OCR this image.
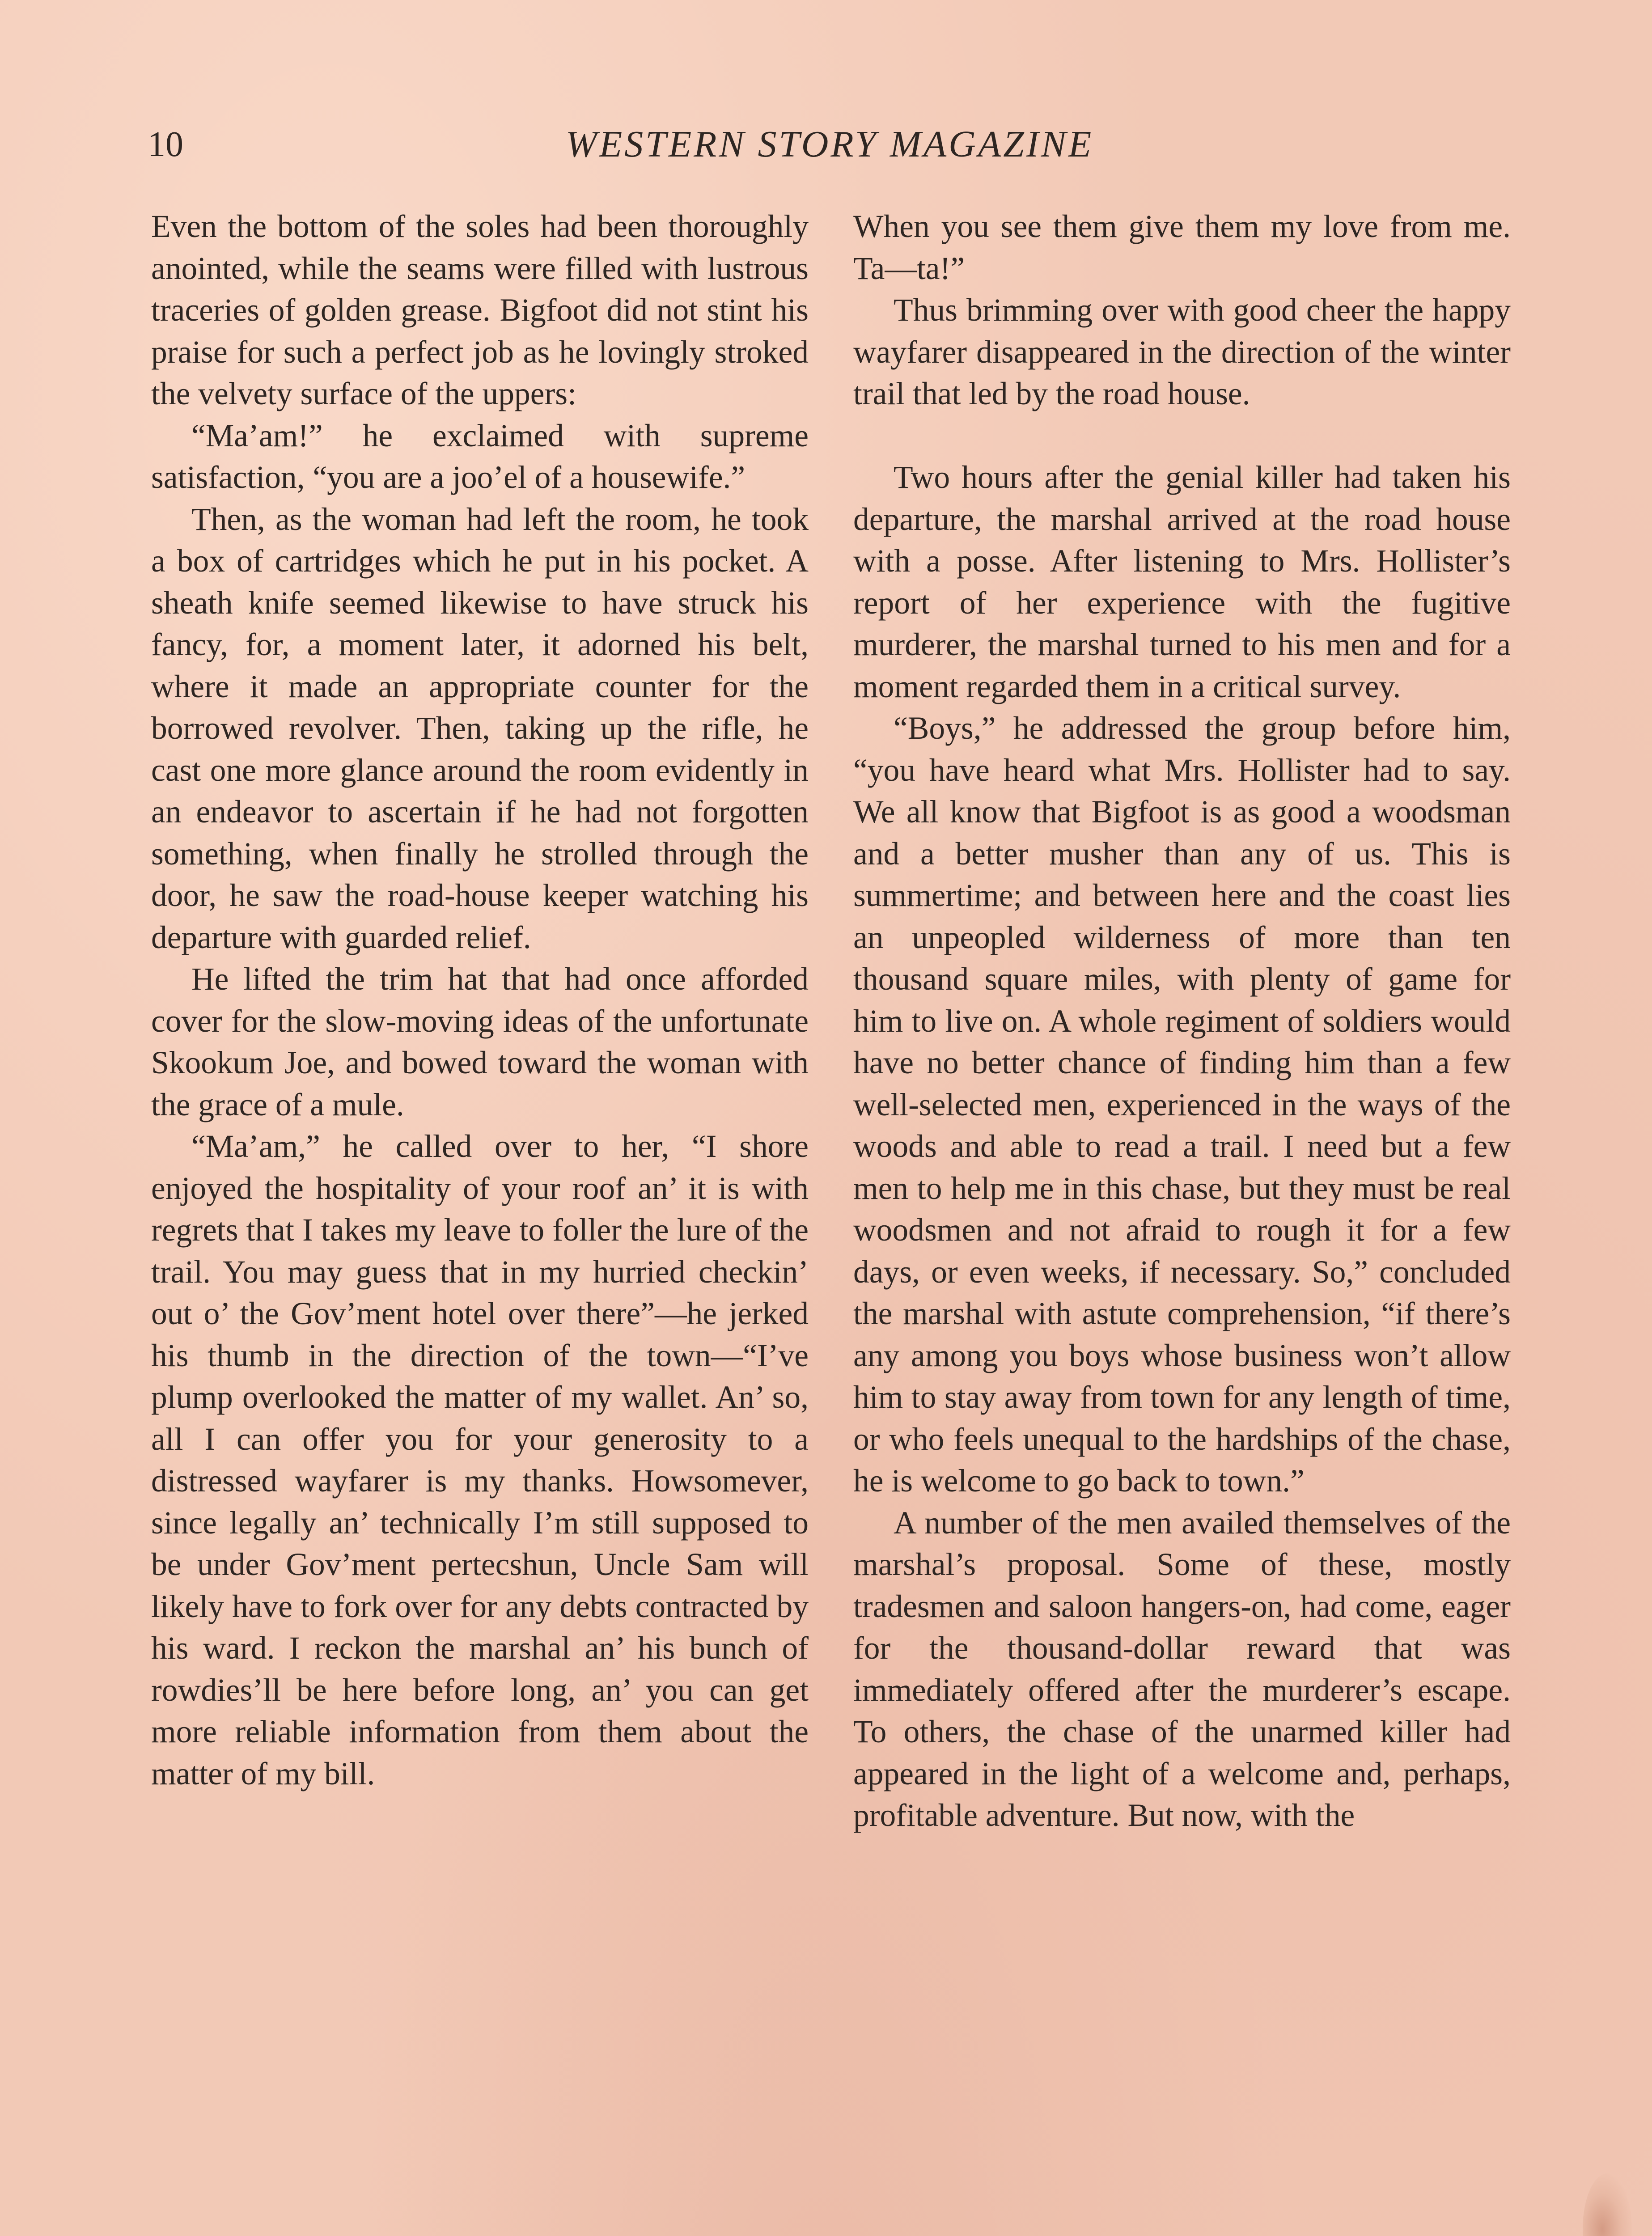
10	WESTERN STORY MAGAZINE

Even the bottom of the soles had been thoroughly anointed, while the seams were filled with lustrous traceries of golden grease. Bigfoot did not stint his praise for such a perfect job as he lovingly stroked the velvety surface of the uppers:

“Ma’am!” he exclaimed with supreme satisfaction, “you are a joo’el of a housewife.”

Then, as the woman had left the room, he took a box of cartridges which he put in his pocket. A sheath knife seemed likewise to have struck his fancy, for, a moment later, it adorned his belt, where it made an appropriate counter for the borrowed revolver. Then, taking up the rifle, he cast one more glance around the room evidently in an endeavor to ascertain if he had not forgotten something, when finally he strolled through the door, he saw the road-house keeper watching his departure with guarded relief.

He lifted the trim hat that had once afforded cover for the slow-moving ideas of the unfortunate Skookum Joe, and bowed toward the woman with the grace of a mule.

“Ma’am,” he called over to her, “I shore enjoyed the hospitality of your roof an’ it is with regrets that I takes my leave to foller the lure of the trail. You may guess that in my hurried checkin’ out o’ the Gov’ment hotel over there”—he jerked his thumb in the direction of the town—“I’ve plump overlooked the matter of my wallet. An’ so, all I can offer you for your generosity to a distressed wayfarer is my thanks. Howsomever, since legally an’ technically I’m still supposed to be under Gov’ment pertecshun, Uncle Sam will likely have to fork over for any debts contracted by his ward. I reckon the marshal an’ his bunch of rowdies’ll be here before long, an’ you can get more reliable information from them about the matter of my bill.

When you see them give them my love from me. Ta—ta!”

Thus brimming over with good cheer the happy wayfarer disappeared in the direction of the winter trail that led by the road house.

Two hours after the genial killer had taken his departure, the marshal arrived at the road house with a posse. After listening to Mrs. Hollister’s report of her experience with the fugitive murderer, the marshal turned to his men and for a moment regarded them in a critical survey.

“Boys,” he addressed the group before him, “you have heard what Mrs. Hollister had to say. We all know that Bigfoot is as good a woodsman and a better musher than any of us. This is summertime; and between here and the coast lies an unpeopled wilderness of more than ten thousand square miles, with plenty of game for him to live on. A whole regiment of soldiers would have no better chance of finding him than a few well-selected men, experienced in the ways of the woods and able to read a trail. I need but a few men to help me in this chase, but they must be real woodsmen and not afraid to rough it for a few days, or even weeks, if necessary. So,” concluded the marshal with astute comprehension, “if there’s any among you boys whose business won’t allow him to stay away from town for any length of time, or who feels unequal to the hardships of the chase, he is welcome to go back to town.”

A number of the men availed themselves of the marshal’s proposal. Some of these, mostly tradesmen and saloon hangers-on, had come, eager for the thousand-dollar reward that was immediately offered after the murderer’s escape. To others, the chase of the unarmed killer had appeared in the light of a welcome and, perhaps, profitable adventure. But now, with the
